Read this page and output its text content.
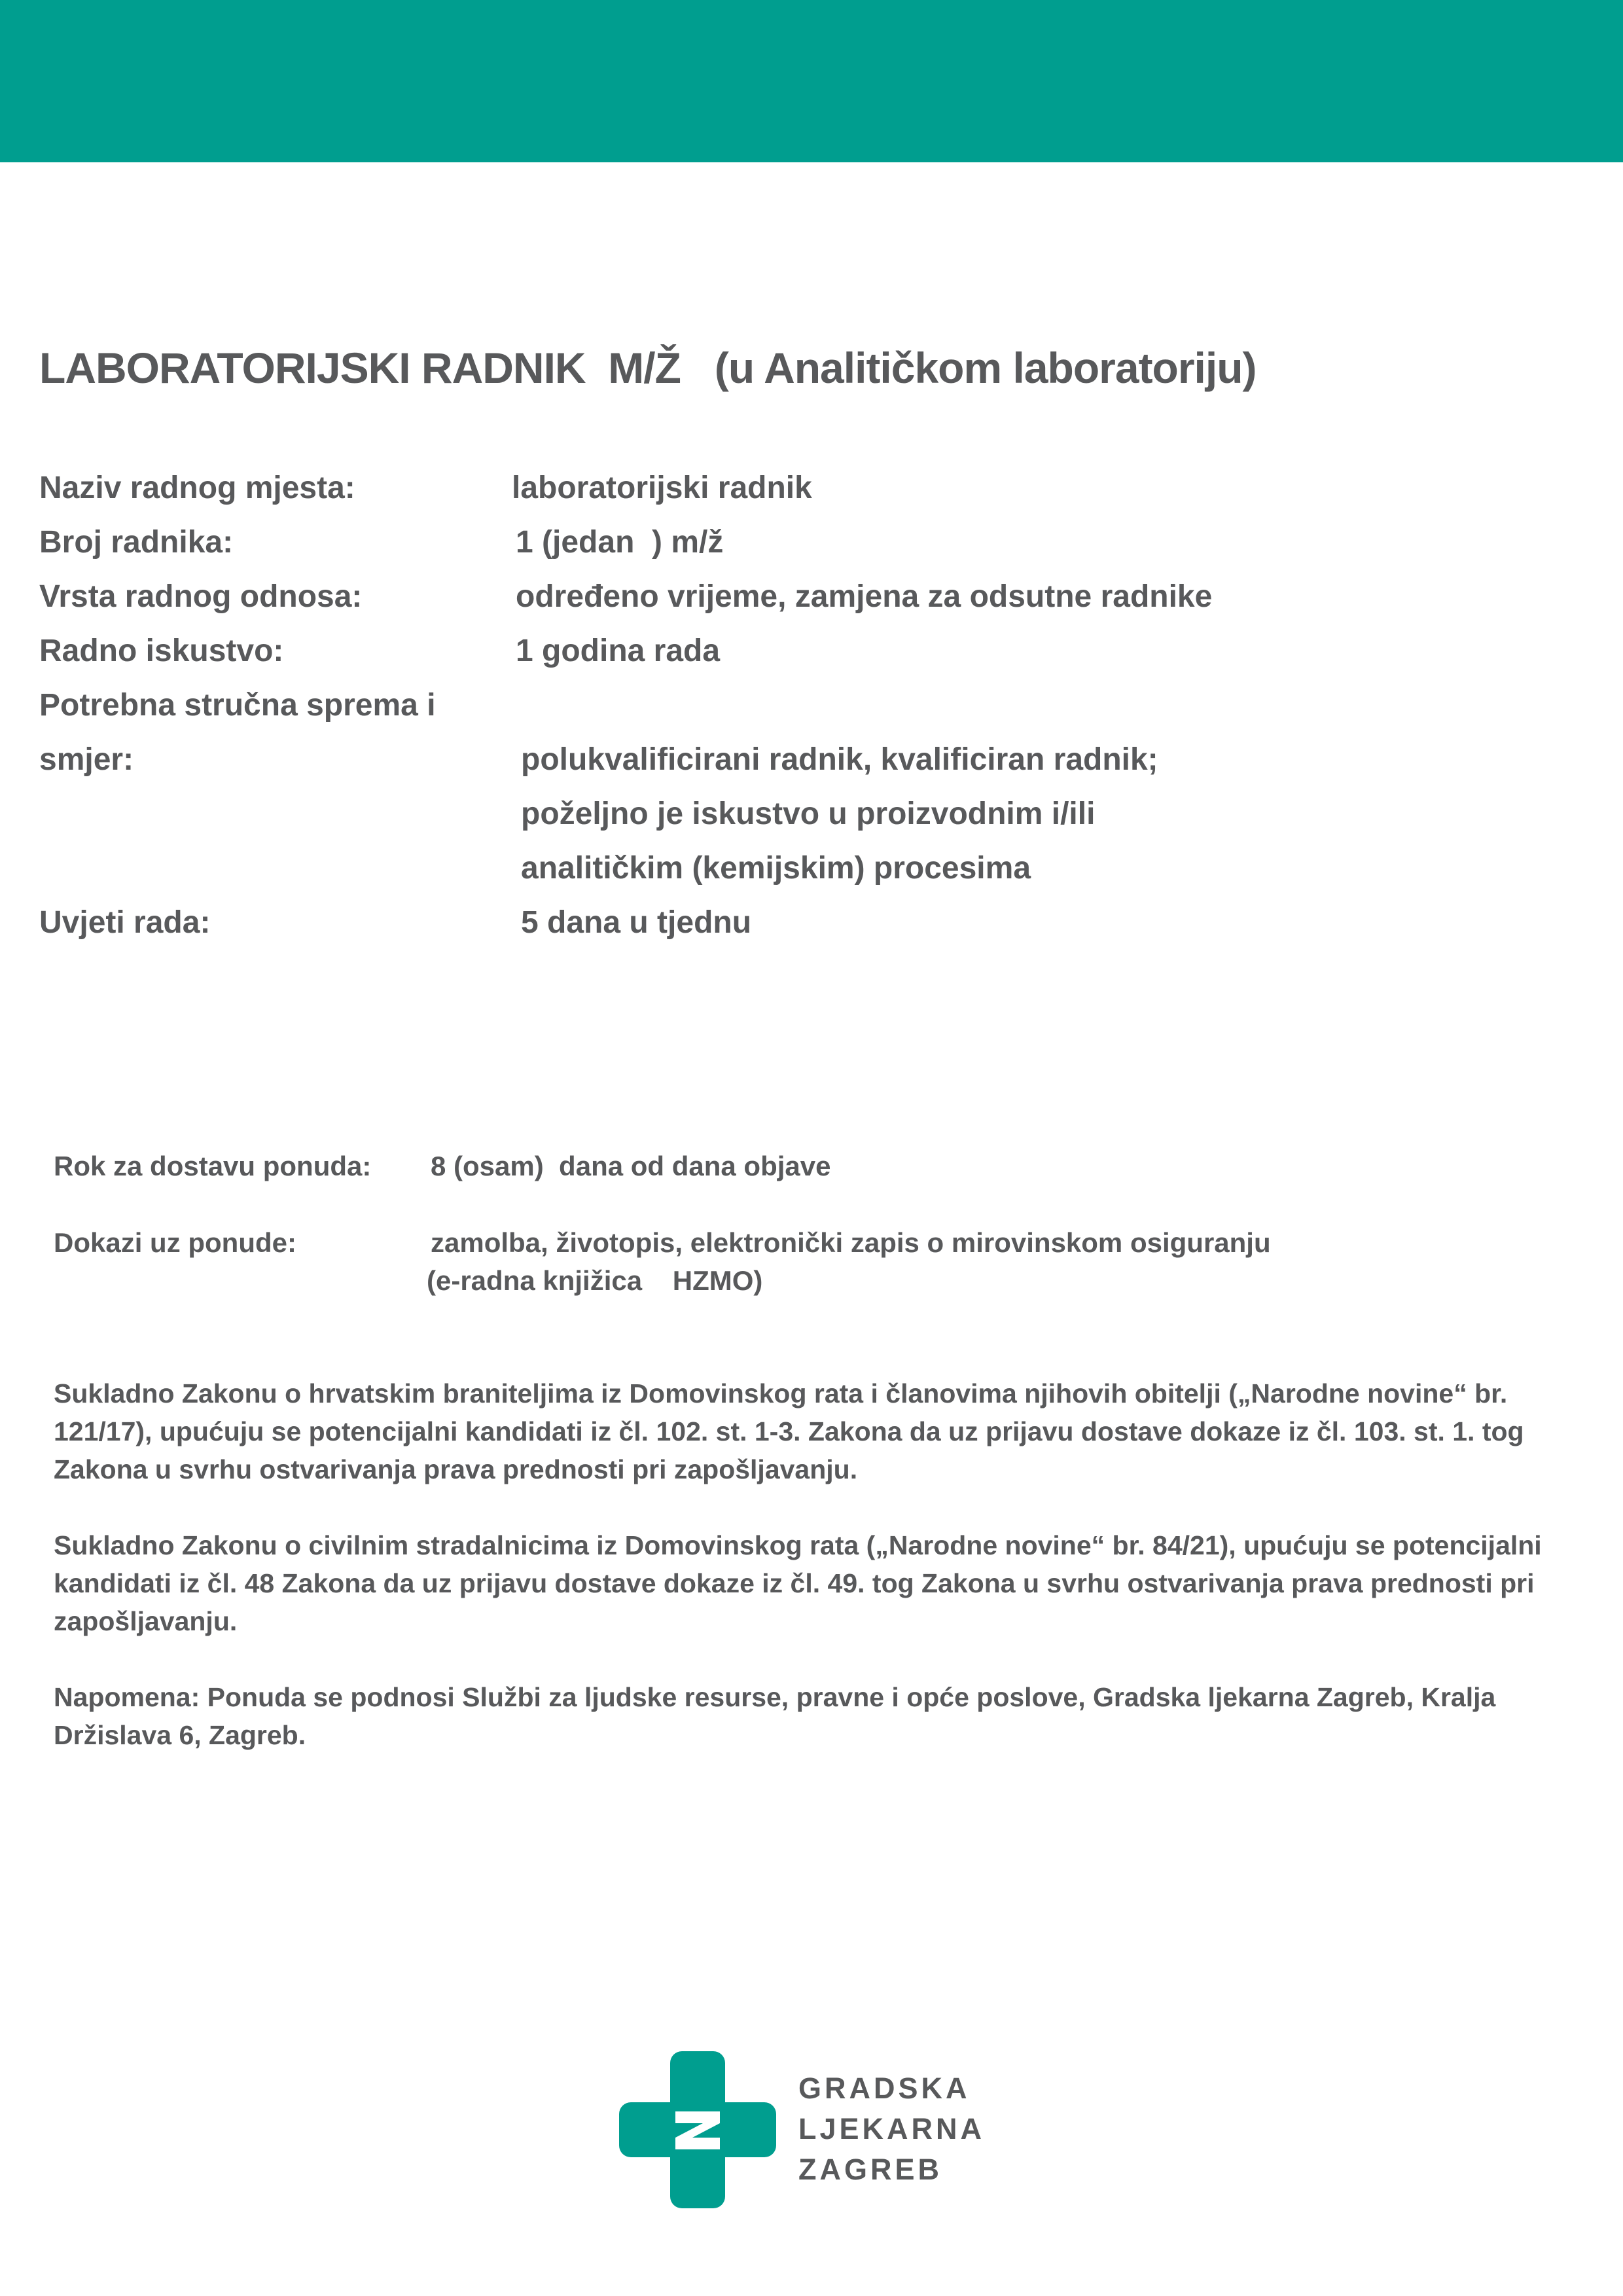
LABORATORIJSKI RADNIK  M/Ž   (u Analitičkom laboratoriju)
Naziv radnog mjesta:	laboratorijski radnik
Broj radnika:	1 (jedan  ) m/ž
Vrsta radnog odnosa:	određeno vrijeme, zamjena za odsutne radnike
Radno iskustvo:	1 godina rada
Potrebna stručna sprema i
smjer:	polukvalificirani radnik, kvalificiran radnik;
poželjno je iskustvo u proizvodnim i/ili
analitičkim (kemijskim) procesima
Uvjeti rada:	5 dana u tjednu
Rok za dostavu ponuda: 8 (osam)  dana od dana objave
Dokazi uz ponude:	zamolba, životopis, elektronički zapis o mirovinskom osiguranju
(e-radna knjižica    HZMO)
Sukladno Zakonu o hrvatskim braniteljima iz Domovinskog rata i članovima njihovih obitelji („Narodne novine“ br. 121/17), upućuju se potencijalni kandidati iz čl. 102. st. 1-3. Zakona da uz prijavu dostave dokaze iz čl. 103. st. 1. tog Zakona u svrhu ostvarivanja prava prednosti pri zapošljavanju.
Sukladno Zakonu o civilnim stradalnicima iz Domovinskog rata („Narodne novine“ br. 84/21), upućuju se potencijalni kandidati iz čl. 48 Zakona da uz prijavu dostave dokaze iz čl. 49. tog Zakona u svrhu ostvarivanja prava prednosti pri zapošljavanju.
Napomena: Ponuda se podnosi Službi za ljudske resurse, pravne i opće poslove, Gradska ljekarna Zagreb, Kralja Držislava 6, Zagreb.
GRADSKA
LJEKARNA
ZAGREB
